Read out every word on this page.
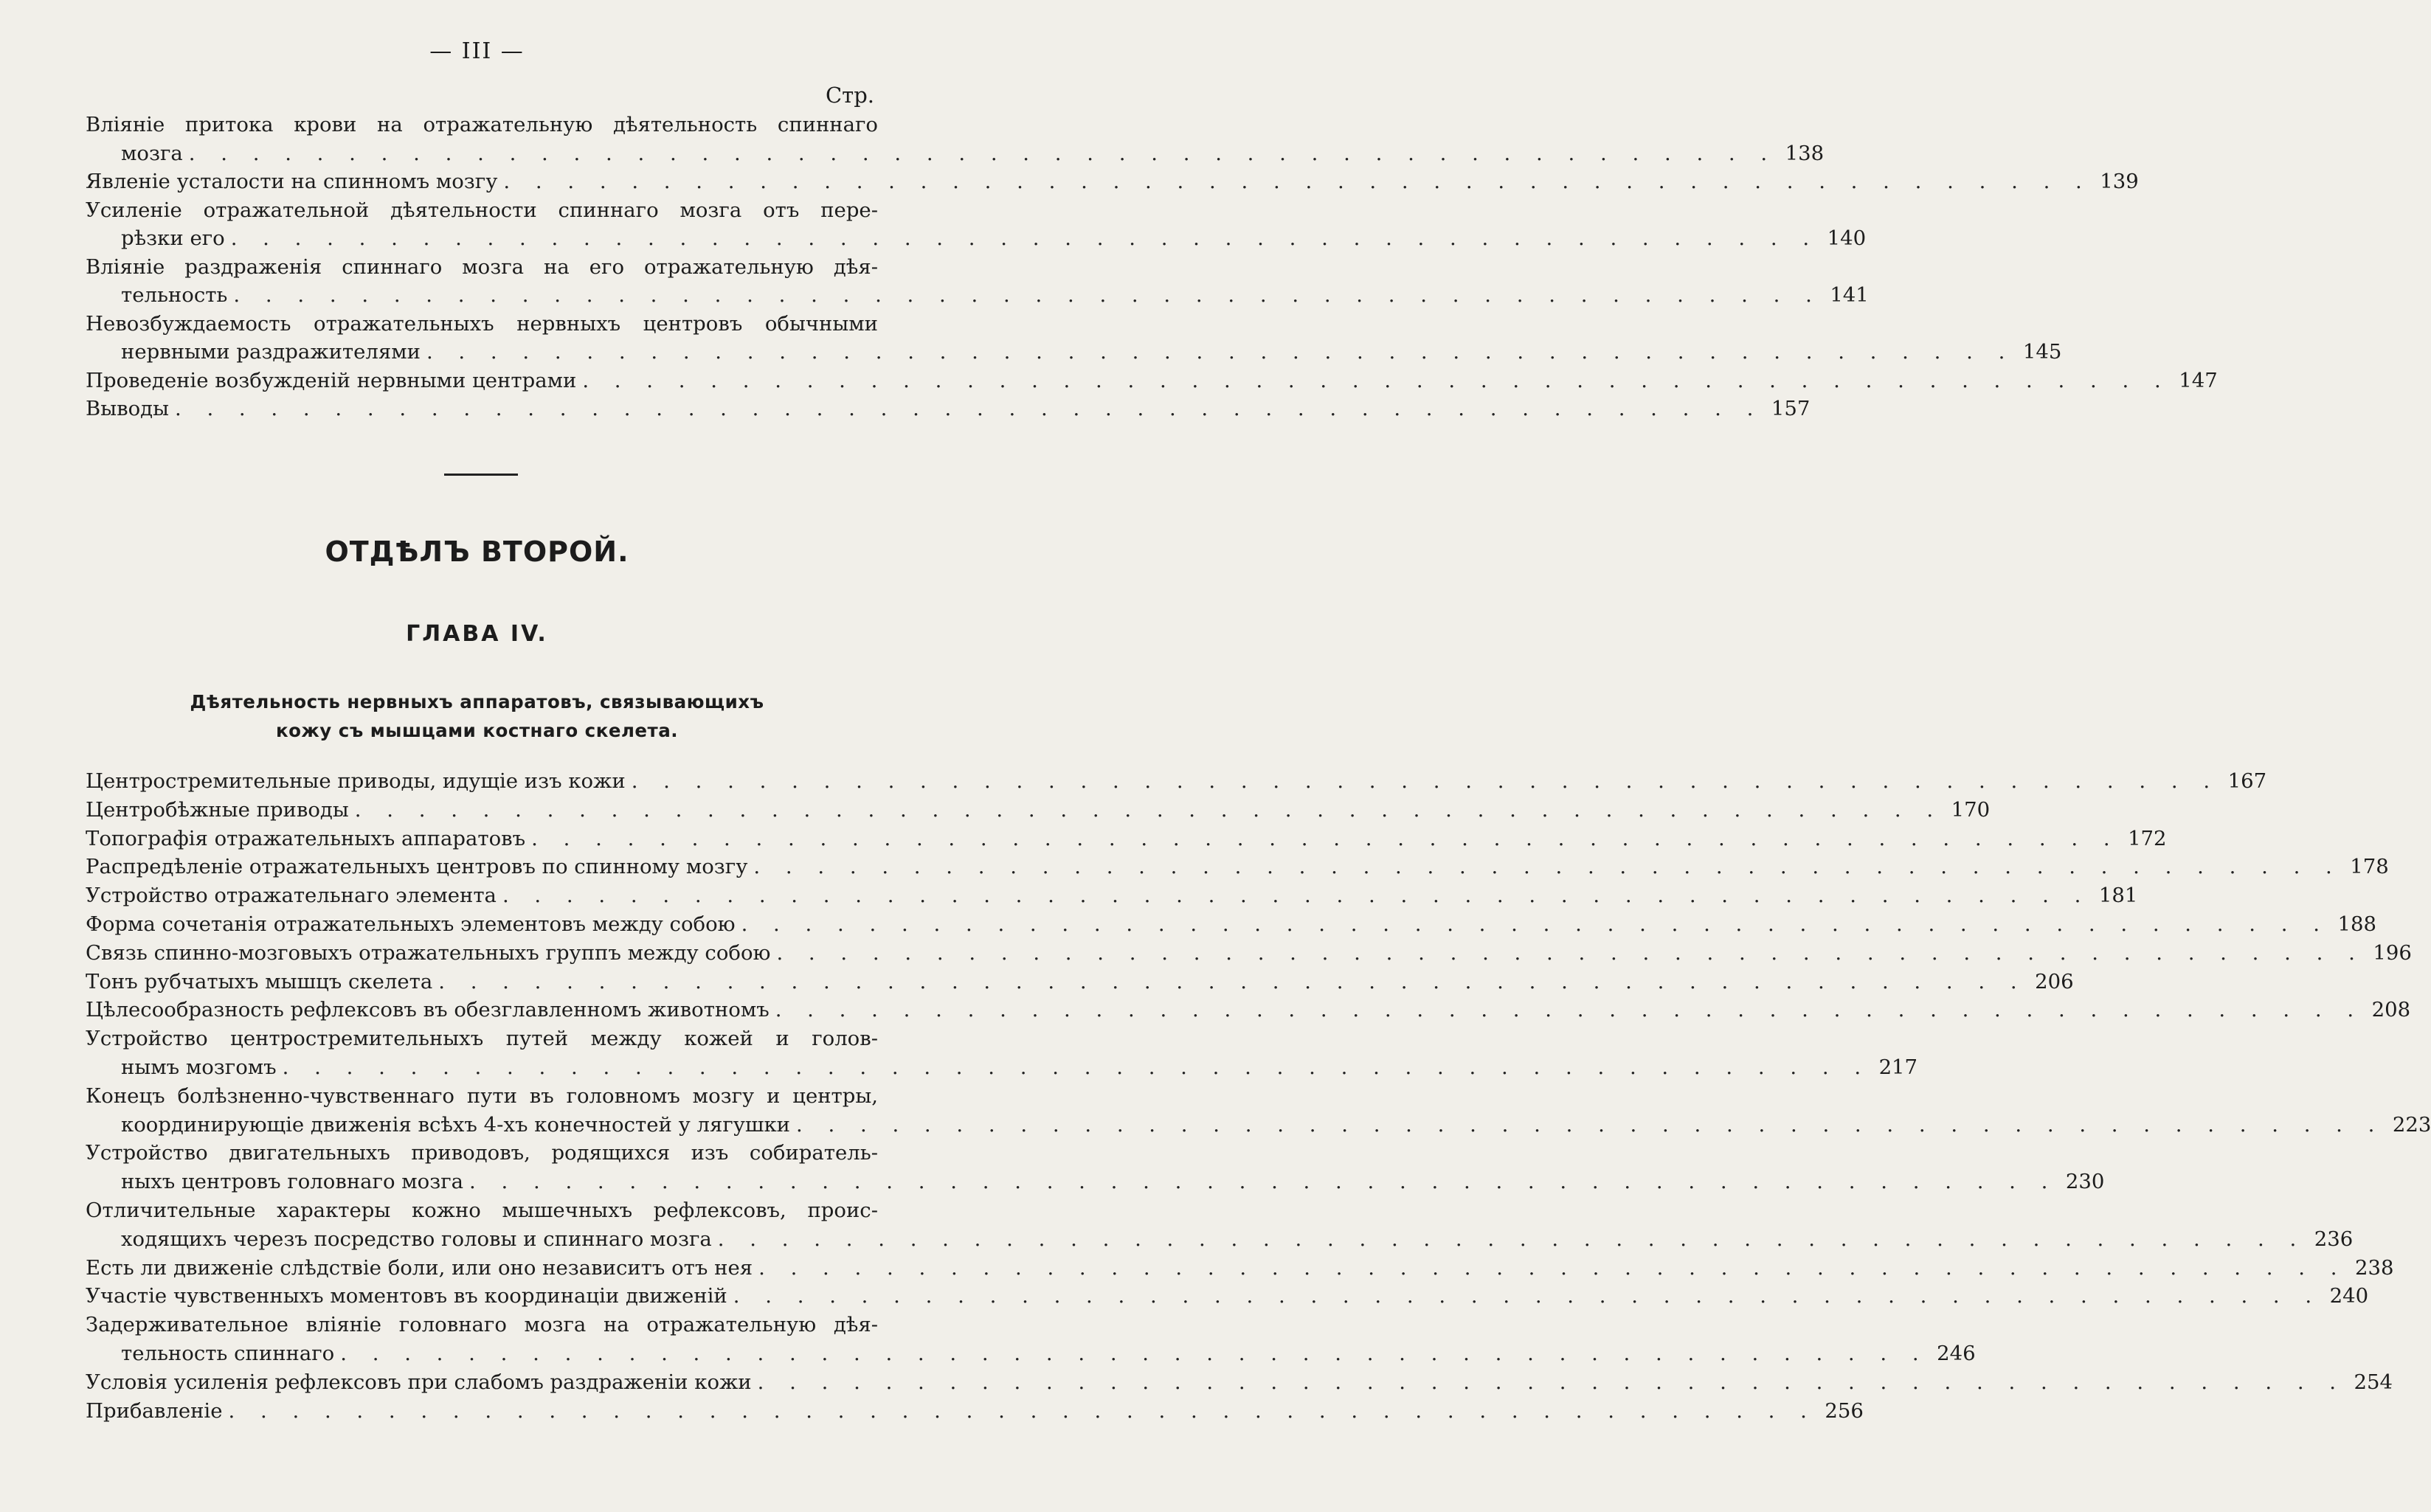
— III —
Стр.
Вліяніе притока крови на отражательную дѣятельность спиннаго
мозга . . . . . . . . . . . . . . . . . . . . . . . . . . . . . . . . . . . . . . . . . . . . . . . . . . 138
Явленіе усталости на спинномъ мозгу . . . . . . . . . . . . . . . . . . . . . . . . . . . . . . . . . . . . . . . . . . . . . . . . . . 139
Усиленіе отражательной дѣятельности спиннаго мозга отъ пере-
рѣзки его . . . . . . . . . . . . . . . . . . . . . . . . . . . . . . . . . . . . . . . . . . . . . . . . . . 140
Вліяніе раздраженія спиннаго мозга на его отражательную дѣя-
тельность . . . . . . . . . . . . . . . . . . . . . . . . . . . . . . . . . . . . . . . . . . . . . . . . . . 141
Невозбуждаемость отражательныхъ нервныхъ центровъ обычными
нервными раздражителями . . . . . . . . . . . . . . . . . . . . . . . . . . . . . . . . . . . . . . . . . . . . . . . . . . 145
Проведеніе возбужденій нервными центрами . . . . . . . . . . . . . . . . . . . . . . . . . . . . . . . . . . . . . . . . . . . . . . . . . . 147
Выводы . . . . . . . . . . . . . . . . . . . . . . . . . . . . . . . . . . . . . . . . . . . . . . . . . . 157
ОТДѢЛЪ ВТОРОЙ.
ГЛАВА IV.
Дѣятельность нервныхъ аппаратовъ, связывающихъ
кожу съ мышцами костнаго скелета.
Центростремительные приводы, идущіе изъ кожи . . . . . . . . . . . . . . . . . . . . . . . . . . . . . . . . . . . . . . . . . . . . . . . . . . 167
Центробѣжные приводы . . . . . . . . . . . . . . . . . . . . . . . . . . . . . . . . . . . . . . . . . . . . . . . . . . 170
Топографія отражательныхъ аппаратовъ . . . . . . . . . . . . . . . . . . . . . . . . . . . . . . . . . . . . . . . . . . . . . . . . . . 172
Распредѣленіе отражательныхъ центровъ по спинному мозгу . . . . . . . . . . . . . . . . . . . . . . . . . . . . . . . . . . . . . . . . . . . . . . . . . . 178
Устройство отражательнаго элемента . . . . . . . . . . . . . . . . . . . . . . . . . . . . . . . . . . . . . . . . . . . . . . . . . . 181
Форма сочетанія отражательныхъ элементовъ между собою . . . . . . . . . . . . . . . . . . . . . . . . . . . . . . . . . . . . . . . . . . . . . . . . . . 188
Связь спинно-мозговыхъ отражательныхъ группъ между собою . . . . . . . . . . . . . . . . . . . . . . . . . . . . . . . . . . . . . . . . . . . . . . . . . . 196
Тонъ рубчатыхъ мышцъ скелета . . . . . . . . . . . . . . . . . . . . . . . . . . . . . . . . . . . . . . . . . . . . . . . . . . 206
Цѣлесообразность рефлексовъ въ обезглавленномъ животномъ . . . . . . . . . . . . . . . . . . . . . . . . . . . . . . . . . . . . . . . . . . . . . . . . . . 208
Устройство центростремительныхъ путей между кожей и голов-
нымъ мозгомъ . . . . . . . . . . . . . . . . . . . . . . . . . . . . . . . . . . . . . . . . . . . . . . . . . . 217
Конецъ болѣзненно-чувственнаго пути въ головномъ мозгу и центры,
координирующіе движенія всѣхъ 4-хъ конечностей у лягушки . . . . . . . . . . . . . . . . . . . . . . . . . . . . . . . . . . . . . . . . . . . . . . . . . . 223
Устройство двигательныхъ приводовъ, родящихся изъ собиратель-
ныхъ центровъ головнаго мозга . . . . . . . . . . . . . . . . . . . . . . . . . . . . . . . . . . . . . . . . . . . . . . . . . . 230
Отличительные характеры кожно мышечныхъ рефлексовъ, проис-
ходящихъ черезъ посредство головы и спиннаго мозга . . . . . . . . . . . . . . . . . . . . . . . . . . . . . . . . . . . . . . . . . . . . . . . . . . 236
Есть ли движеніе слѣдствіе боли, или оно независитъ отъ нея . . . . . . . . . . . . . . . . . . . . . . . . . . . . . . . . . . . . . . . . . . . . . . . . . . 238
Участіе чувственныхъ моментовъ въ координаціи движеній . . . . . . . . . . . . . . . . . . . . . . . . . . . . . . . . . . . . . . . . . . . . . . . . . . 240
Задерживательное вліяніе головнаго мозга на отражательную дѣя-
тельность спиннаго . . . . . . . . . . . . . . . . . . . . . . . . . . . . . . . . . . . . . . . . . . . . . . . . . . 246
Условія усиленія рефлексовъ при слабомъ раздраженіи кожи . . . . . . . . . . . . . . . . . . . . . . . . . . . . . . . . . . . . . . . . . . . . . . . . . . 254
Прибавленіе . . . . . . . . . . . . . . . . . . . . . . . . . . . . . . . . . . . . . . . . . . . . . . . . . . 256
